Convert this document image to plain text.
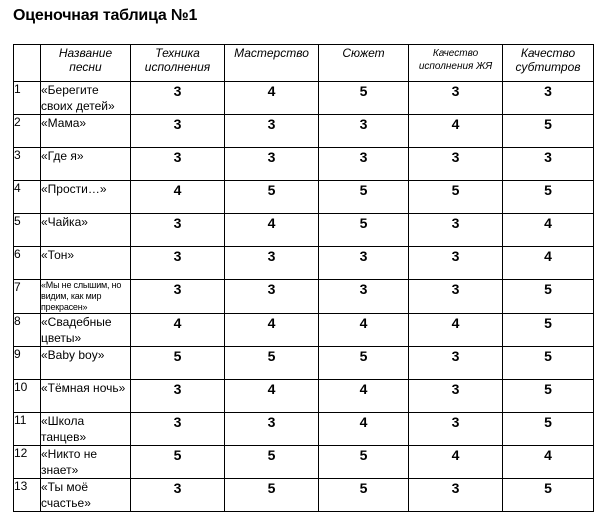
Оценочная таблица №1
	Название песни	Техника исполнения	Мастерство	Сюжет	Качество исполнения ЖЯ	Качество субтитров
1	«Берегите своих детей»	3	4	5	3	3
2	«Мама»	3	3	3	4	5
3	«Где я»	3	3	3	3	3
4	«Прости…»	4	5	5	5	5
5	«Чайка»	3	4	5	3	4
6	«Тон»	3	3	3	3	4
7	«Мы не слышим, но видим, как мир прекрасен»	3	3	3	3	5
8	«Свадебные цветы»	4	4	4	4	5
9	«Baby boy»	5	5	5	3	5
10	«Тёмная ночь»	3	4	4	3	5
11	«Школа танцев»	3	3	4	3	5
12	«Никто не знает»	5	5	5	4	4
13	«Ты моё счастье»	3	5	5	3	5
